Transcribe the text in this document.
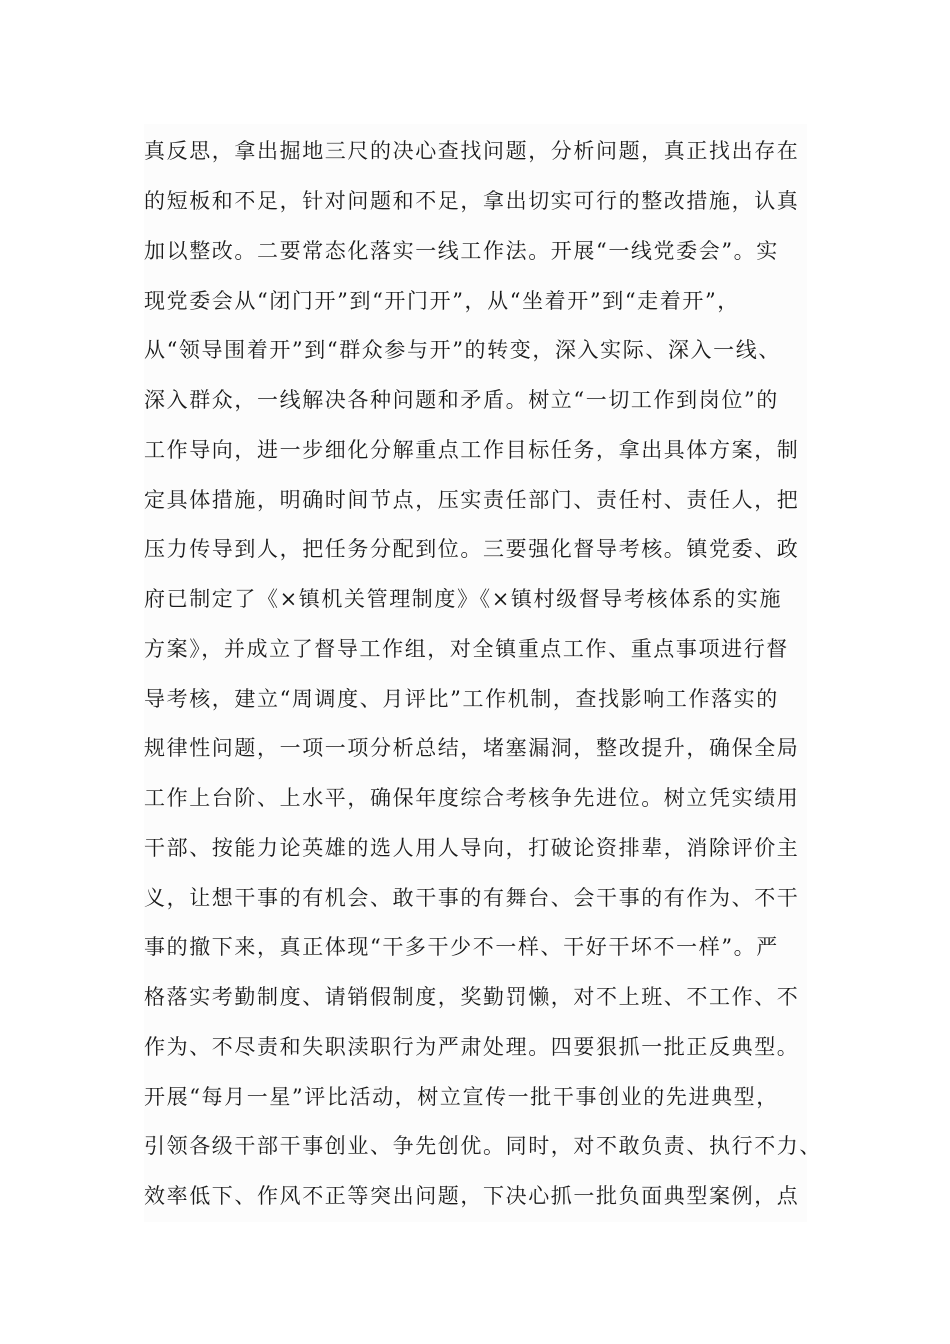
真反思，拿出掘地三尺的决心查找问题，分析问题，真正找出存在
的短板和不足，针对问题和不足，拿出切实可行的整改措施，认真
加以整改。二要常态化落实一线工作法。开展“一线党委会”。实
现党委会从“闭门开”到“开门开”，从“坐着开”到“走着开”，
从“领导围着开”到“群众参与开”的转变，深入实际、深入一线、
深入群众，一线解决各种问题和矛盾。树立“一切工作到岗位”的
工作导向，进一步细化分解重点工作目标任务，拿出具体方案，制
定具体措施，明确时间节点，压实责任部门、责任村、责任人，把
压力传导到人，把任务分配到位。三要强化督导考核。镇党委、政
府已制定了《×镇机关管理制度》《×镇村级督导考核体系的实施
方案》，并成立了督导工作组，对全镇重点工作、重点事项进行督
导考核，建立“周调度、月评比”工作机制，查找影响工作落实的
规律性问题，一项一项分析总结，堵塞漏洞，整改提升，确保全局
工作上台阶、上水平，确保年度综合考核争先进位。树立凭实绩用
干部、按能力论英雄的选人用人导向，打破论资排辈，消除评价主
义，让想干事的有机会、敢干事的有舞台、会干事的有作为、不干
事的撤下来，真正体现“干多干少不一样、干好干坏不一样”。严
格落实考勤制度、请销假制度，奖勤罚懒，对不上班、不工作、不
作为、不尽责和失职渎职行为严肃处理。四要狠抓一批正反典型。
开展“每月一星”评比活动，树立宣传一批干事创业的先进典型，
引领各级干部干事创业、争先创优。同时，对不敢负责、执行不力、
效率低下、作风不正等突出问题，下决心抓一批负面典型案例，点
